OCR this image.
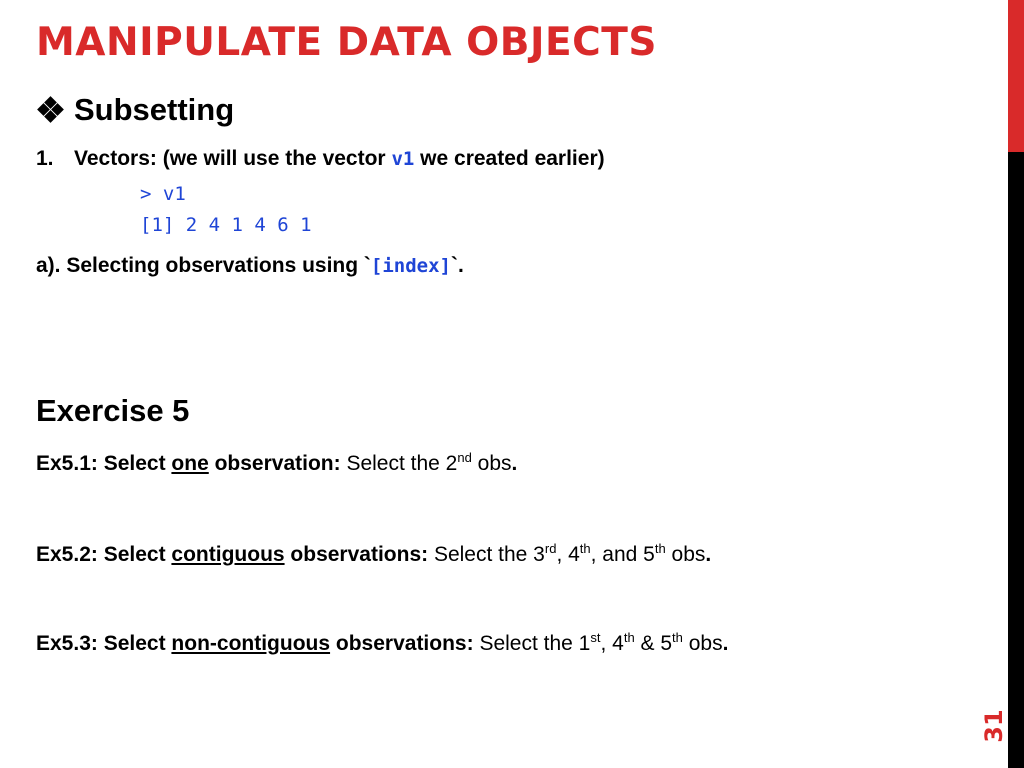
MANIPULATE DATA OBJECTS
31
Subsetting
1. Vectors: (we will use the vector v1 we created earlier)
> v1
[1] 2 4 1 4 6 1
a). Selecting observations using `[index]`.
Exercise 5
Ex5.1: Select one observation: Select the 2nd obs.
Ex5.2: Select contiguous observations: Select the 3rd, 4th, and 5th obs.
Ex5.3: Select non-contiguous observations: Select the 1st, 4th & 5th obs.
